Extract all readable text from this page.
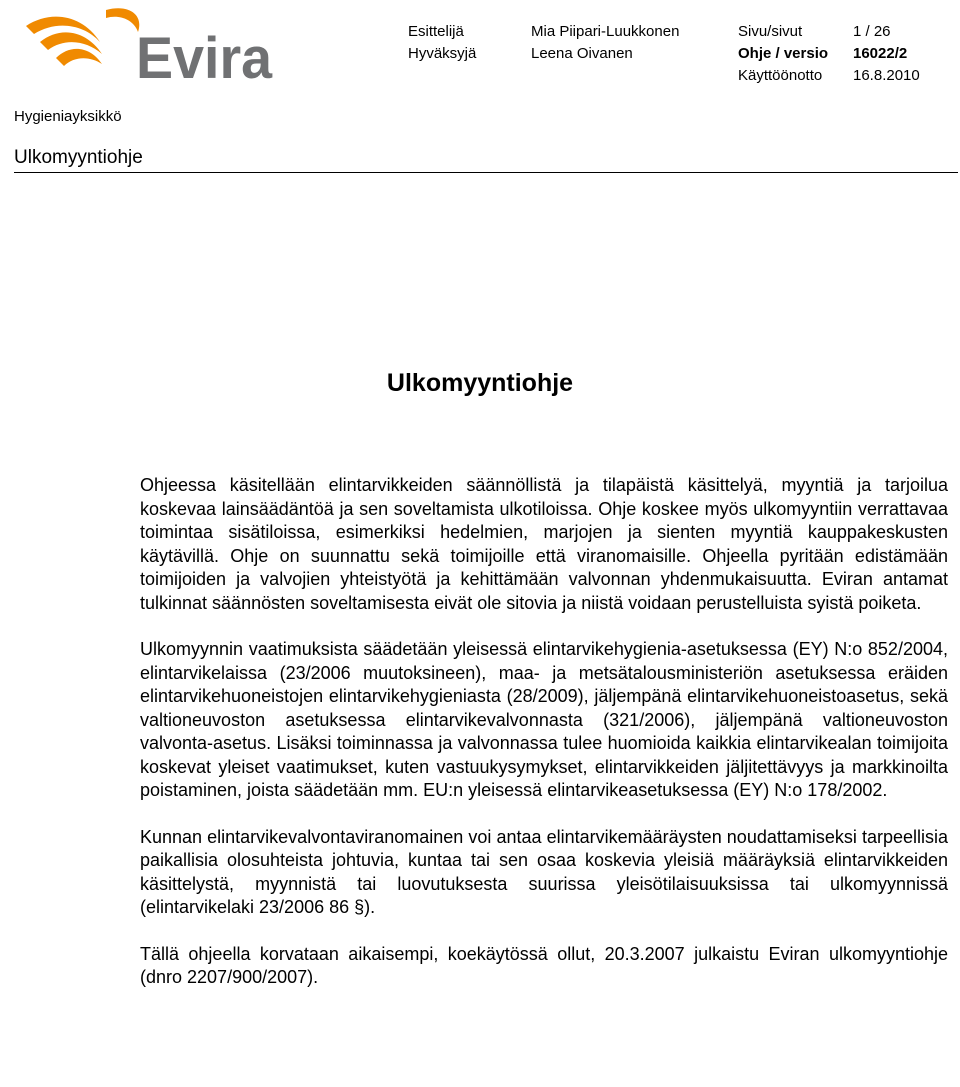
Evira	Esittelijä
Hyväksyjä
Mia Piipari-Luukkonen
Leena Oivanen
Sivu/sivut
Ohje / versio
Käyttöönotto
1 / 26
16022/2
16.8.2010
Hygieniayksikkö
Ulkomyyntiohje
Ulkomyyntiohje

Ohjeessa käsitellään elintarvikkeiden säännöllistä ja tilapäistä käsittelyä, myyntiä ja tarjoilua koskevaa lainsäädäntöä ja sen soveltamista ulkotiloissa. Ohje koskee myös ulkomyyntiin verrattavaa toimintaa sisätiloissa, esimerkiksi hedelmien, marjojen ja sienten myyntiä kauppakeskusten käytävillä. Ohje on suunnattu sekä toimijoille että viranomaisille. Ohjeella pyritään edistämään toimijoiden ja valvojien yhteistyötä ja kehittämään valvonnan yhdenmukaisuutta. Eviran antamat tulkinnat säännösten soveltamisesta eivät ole sitovia ja niistä voidaan perustelluista syistä poiketa.

Ulkomyynnin vaatimuksista säädetään yleisessä elintarvikehygienia-asetuksessa (EY) N:o 852/2004, elintarvikelaissa (23/2006 muutoksineen), maa- ja metsätalousministeriön asetuksessa eräiden elintarvikehuoneistojen elintarvikehygieniasta (28/2009), jäljempänä elintarvikehuoneistoasetus, sekä valtioneuvoston asetuksessa elintarvikevalvonnasta (321/2006), jäljempänä valtioneuvoston valvonta-asetus. Lisäksi toiminnassa ja valvonnassa tulee huomioida kaikkia elintarvikealan toimijoita koskevat yleiset vaatimukset, kuten vastuukysymykset, elintarvikkeiden jäljitettävyys ja markkinoilta poistaminen, joista säädetään mm. EU:n yleisessä elintarvikeasetuksessa (EY) N:o 178/2002.

Kunnan elintarvikevalvontaviranomainen voi antaa elintarvikemääräysten noudattamiseksi tarpeellisia paikallisia olosuhteista johtuvia, kuntaa tai sen osaa koskevia yleisiä määräyksiä elintarvikkeiden käsittelystä, myynnistä tai luovutuksesta suurissa yleisötilaisuuksissa tai ulkomyynnissä (elintarvikelaki 23/2006 86 §).

Tällä ohjeella korvataan aikaisempi, koekäytössä ollut, 20.3.2007 julkaistu Eviran ulkomyyntiohje (dnro 2207/900/2007).
